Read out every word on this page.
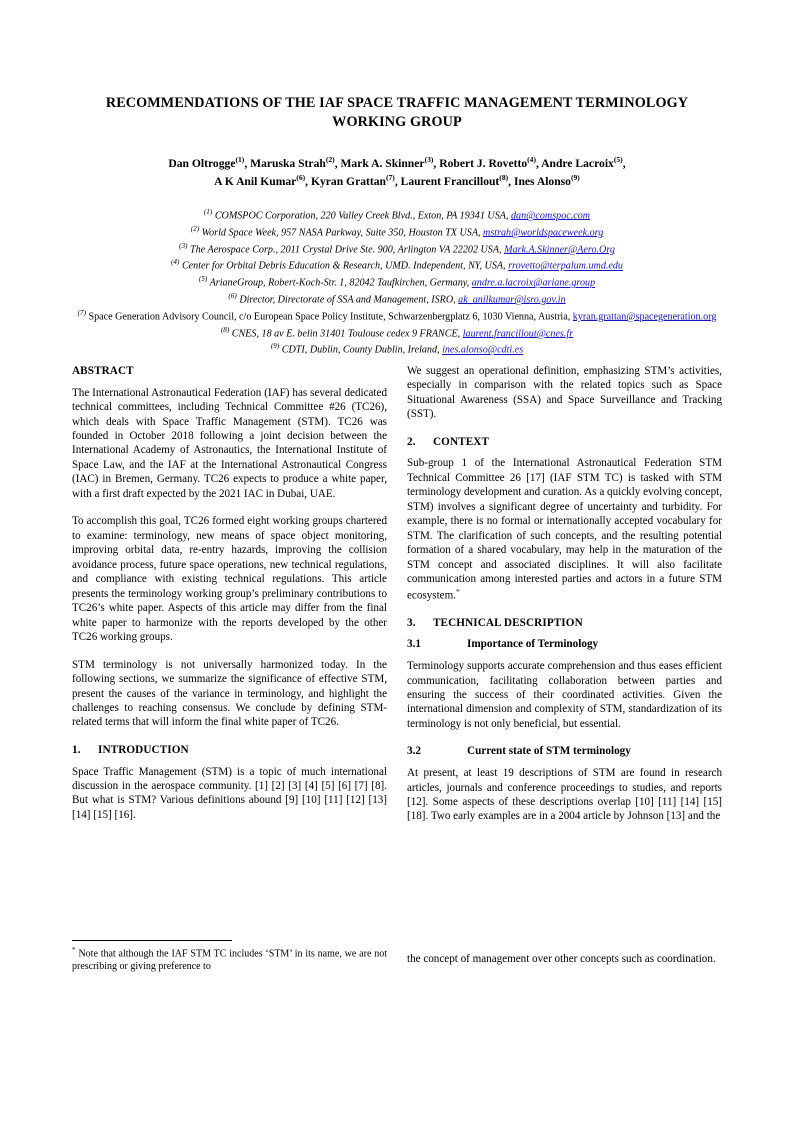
RECOMMENDATIONS OF THE IAF SPACE TRAFFIC MANAGEMENT TERMINOLOGY WORKING GROUP
Dan Oltrogge$^{(1)}$, Maruska Strah$^{(2)}$, Mark A. Skinner$^{(3)}$, Robert J. Rovetto$^{(4)}$, Andre Lacroix$^{(5)}$,
A K Anil Kumar$^{(6)}$, Kyran Grattan$^{(7)}$, Laurent Francillout$^{(8)}$, Ines Alonso$^{(9)}$
$^{(1)}$ COMSPOC Corporation, 220 Valley Creek Blvd., Exton, PA 19341 USA, dan@comspoc.com
$^{(2)}$ World Space Week, 957 NASA Parkway, Suite 350, Houston TX USA, mstrah@worldspaceweek.org
$^{(3)}$ The Aerospace Corp., 2011 Crystal Drive Ste. 900, Arlington VA 22202 USA, Mark.A.Skinner@Aero.Org
$^{(4)}$ Center for Orbital Debris Education & Research, UMD. Independent, NY, USA, rrovetto@terpalum.umd.edu
$^{(5)}$ ArianeGroup, Robert-Koch-Str. 1, 82042 Taufkirchen, Germany, andre.a.lacroix@ariane.group
$^{(6)}$ Director, Directorate of SSA and Management, ISRO, ak_anilkumar@isro.gov.in
$^{(7)}$ Space Generation Advisory Council, c/o European Space Policy Institute, Schwarzenbergplatz 6, 1030 Vienna, Austria, kyran.grattan@spacegeneration.org
$^{(8)}$ CNES, 18 av E. belin 31401 Toulouse cedex 9 FRANCE, laurent.francillout@cnes.fr
$^{(9)}$ CDTI, Dublin, County Dublin, Ireland, ines.alonso@cdti.es
ABSTRACT

The International Astronautical Federation (IAF) has several dedicated technical committees, including Technical Committee #26 (TC26), which deals with Space Traffic Management (STM). TC26 was founded in October 2018 following a joint decision between the International Academy of Astronautics, the International Institute of Space Law, and the IAF at the International Astronautical Congress (IAC) in Bremen, Germany. TC26 expects to produce a white paper, with a first draft expected by the 2021 IAC in Dubai, UAE.

To accomplish this goal, TC26 formed eight working groups chartered to examine: terminology, new means of space object monitoring, improving orbital data, re-entry hazards, improving the collision avoidance process, future space operations, new technical regulations, and compliance with existing technical regulations. This article presents the terminology working group’s preliminary contributions to TC26’s white paper. Aspects of this article may differ from the final white paper to harmonize with the reports developed by the other TC26 working groups.

STM terminology is not universally harmonized today. In the following sections, we summarize the significance of effective STM, present the causes of the variance in terminology, and highlight the challenges to reaching consensus. We conclude by defining STM-related terms that will inform the final white paper of TC26.

1. INTRODUCTION

Space Traffic Management (STM) is a topic of much international discussion in the aerospace community. [1] [2] [3] [4] [5] [6] [7] [8]. But what is STM? Various definitions abound [9] [10] [11] [12] [13] [14] [15] [16].

* Note that although the IAF STM TC includes ‘STM’ in its name, we are not prescribing or giving preference to

We suggest an operational definition, emphasizing STM’s activities, especially in comparison with the related topics such as Space Situational Awareness (SSA) and Space Surveillance and Tracking (SST).

2. CONTEXT

Sub-group 1 of the International Astronautical Federation STM Technical Committee 26 [17] (IAF STM TC) is tasked with STM terminology development and curation. As a quickly evolving concept, STM) involves a significant degree of uncertainty and turbidity. For example, there is no formal or internationally accepted vocabulary for STM. The clarification of such concepts, and the resulting potential formation of a shared vocabulary, may help in the maturation of the STM concept and associated disciplines. It will also facilitate communication among interested parties and actors in a future STM ecosystem.*

3. TECHNICAL DESCRIPTION
3.1	Importance of Terminology

Terminology supports accurate comprehension and thus eases efficient communication, facilitating collaboration between parties and ensuring the success of their coordinated activities. Given the international dimension and complexity of STM, standardization of its terminology is not only beneficial, but essential.

3.2	Current state of STM terminology

At present, at least 19 descriptions of STM are found in research articles, journals and conference proceedings to studies, and reports [12]. Some aspects of these descriptions overlap [10] [11] [14] [15] [18]. Two early examples are in a 2004 article by Johnson [13] and the

the concept of management over other concepts such as coordination.
